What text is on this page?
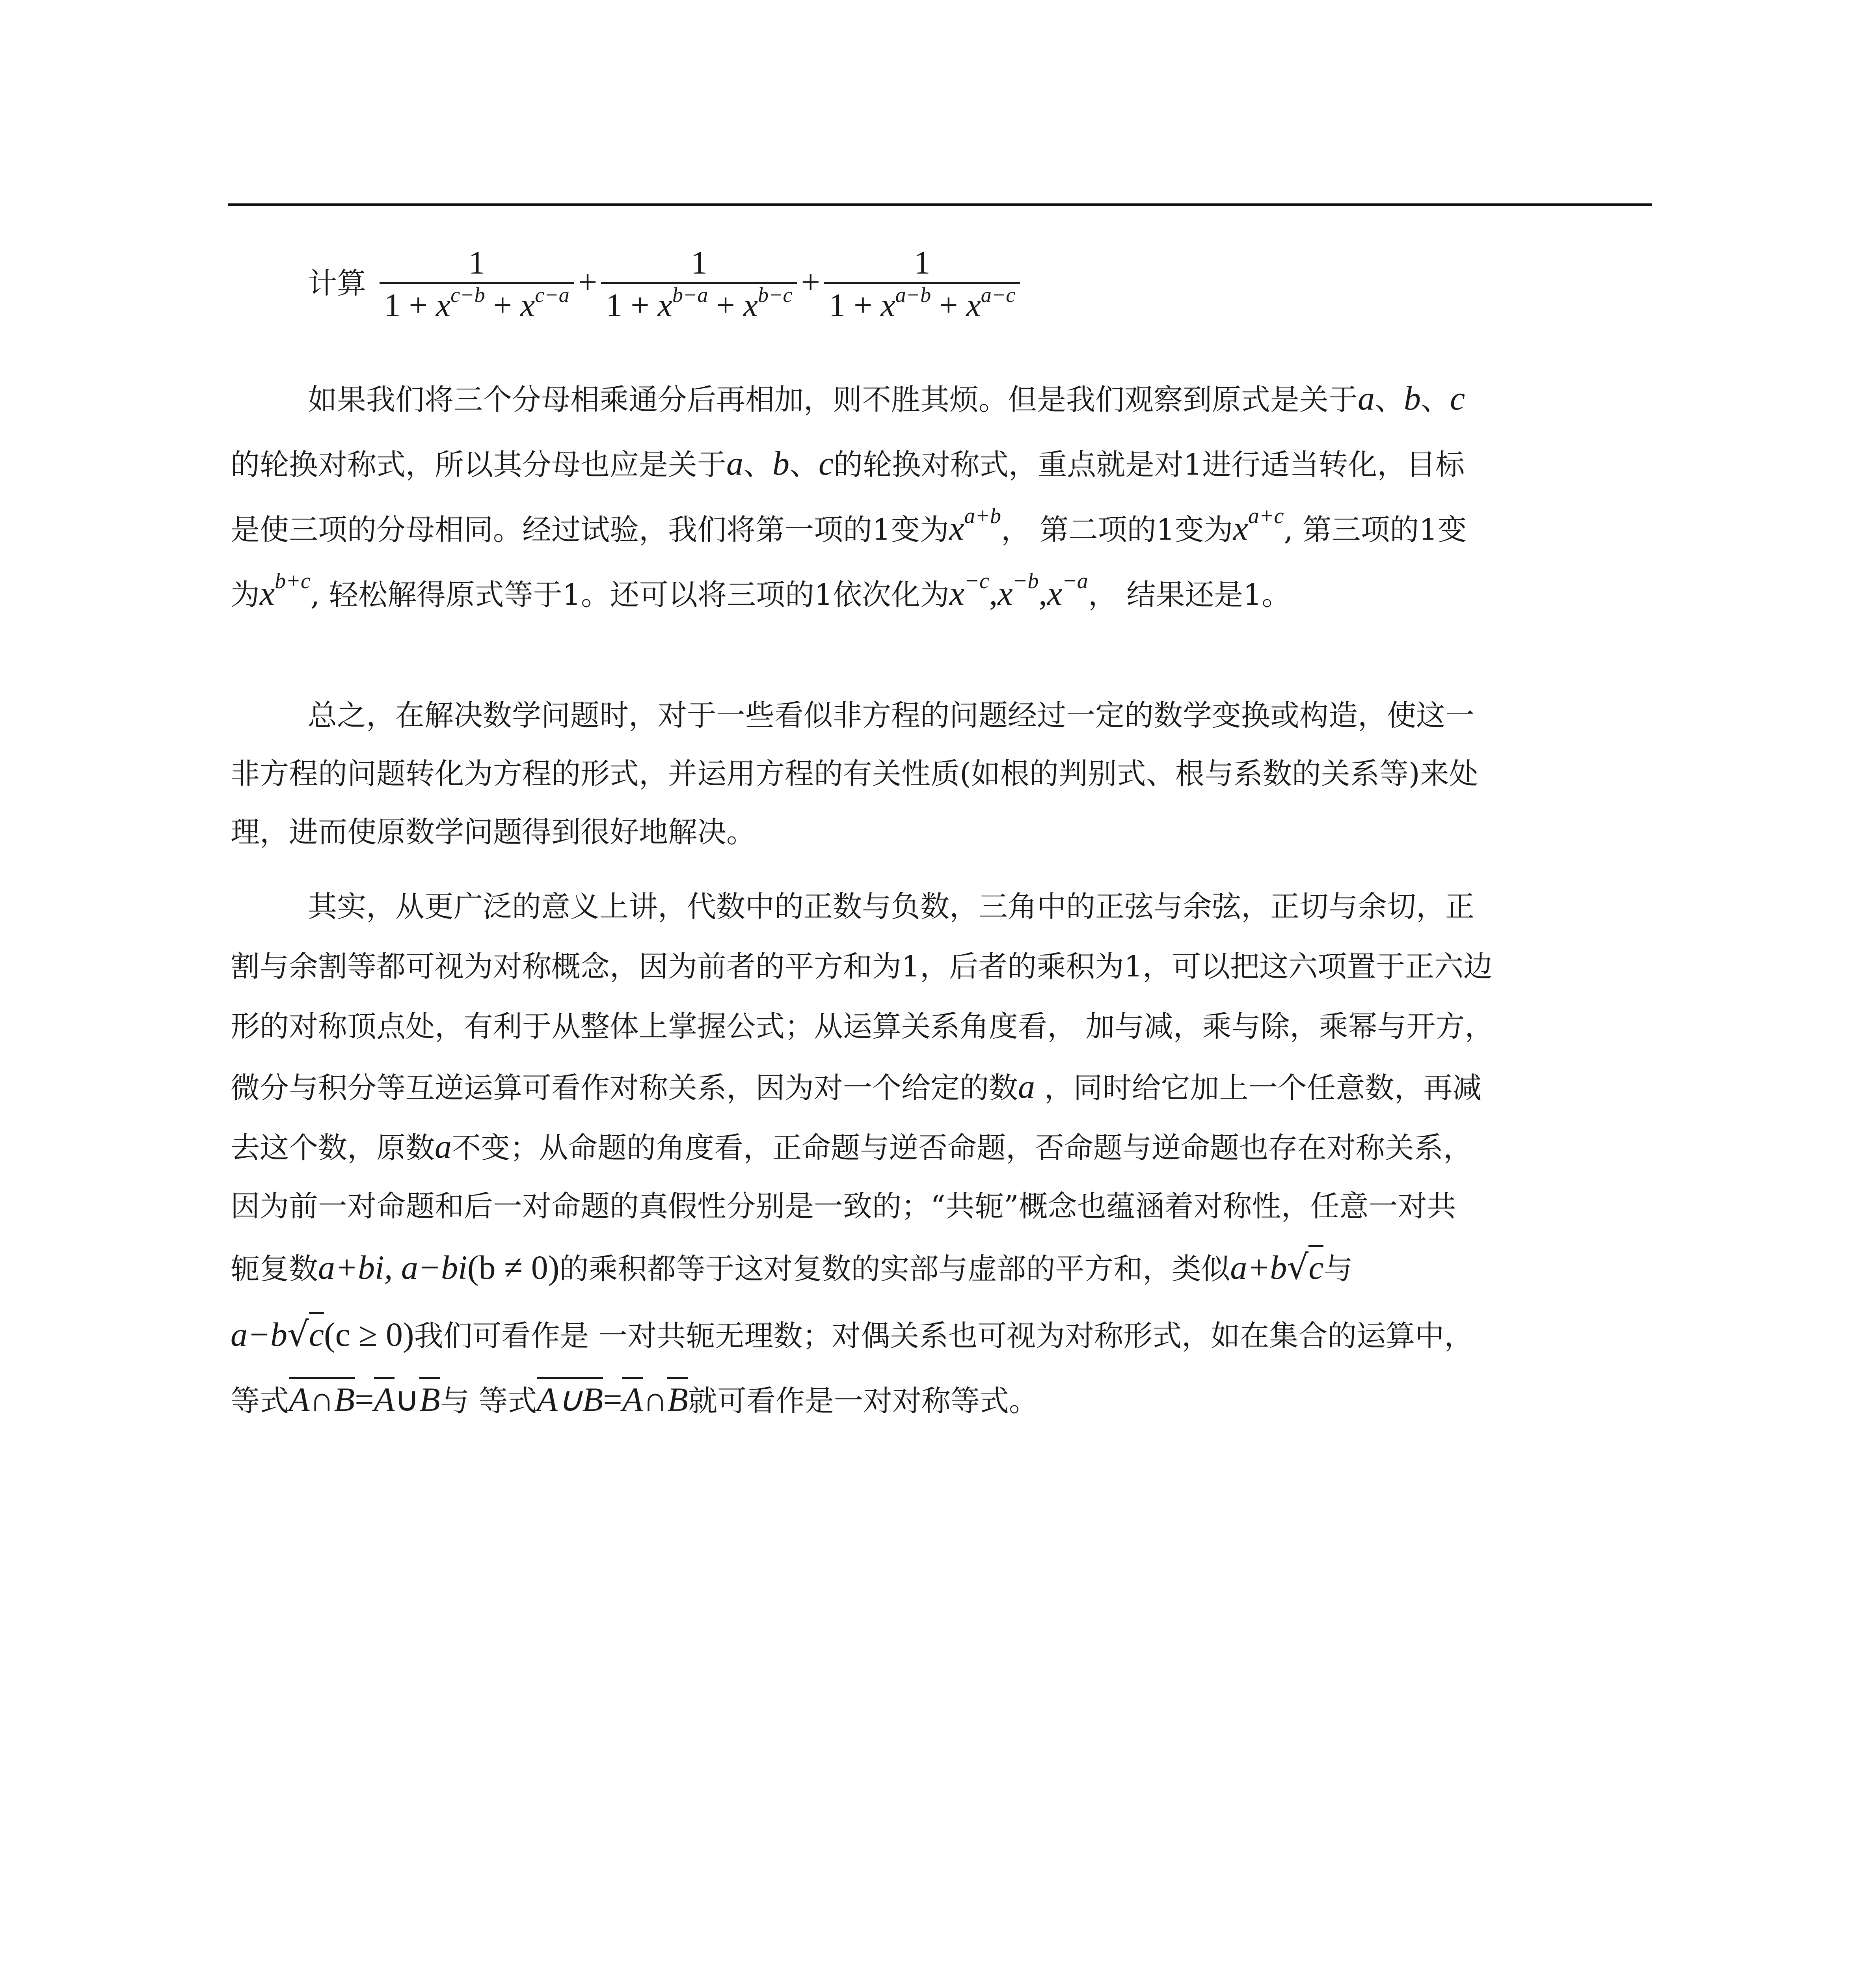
计算 $\frac{1}{1 + x^{c-b} + x^{c-a}} + \frac{1}{1 + x^{b-a} + x^{b-c}} + \frac{1}{1 + x^{a-b} + x^{a-c}}$
如果我们将三个分母相乘通分后再相加，则不胜其烦。但是我们观察到原式是关于a、b、c
的轮换对称式，所以其分母也应是关于a、b、c的轮换对称式，重点就是对1进行适当转化，目标
是使三项的分母相同。经过试验，我们将第一项的1变为$x^{a+b}$， 第二项的1变为$x^{a+c}$, 第三项的1变
为$x^{b+c}$, 轻松解得原式等于1。还可以将三项的1依次化为$x^{-c},x^{-b},x^{-a}$， 结果还是1。
总之，在解决数学问题时，对于一些看似非方程的问题经过一定的数学变换或构造，使这一
非方程的问题转化为方程的形式，并运用方程的有关性质(如根的判别式、根与系数的关系等)来处
理，进而使原数学问题得到很好地解决。
其实，从更广泛的意义上讲，代数中的正数与负数，三角中的正弦与余弦，正切与余切，正
割与余割等都可视为对称概念，因为前者的平方和为1，后者的乘积为1，可以把这六项置于正六边
形的对称顶点处，有利于从整体上掌握公式；从运算关系角度看， 加与减，乘与除，乘幂与开方，
微分与积分等互逆运算可看作对称关系，因为对一个给定的数a ，同时给它加上一个任意数，再减
去这个数，原数a不变；从命题的角度看，正命题与逆否命题，否命题与逆命题也存在对称关系，
因为前一对命题和后一对命题的真假性分别是一致的；“共轭”概念也蕴涵着对称性，任意一对共
轭复数a+bi, a−bi(b ≠ 0)的乘积都等于这对复数的实部与虚部的平方和，类似a+b√c与
a−b√c(c ≥ 0)我们可看作是 一对共轭无理数；对偶关系也可视为对称形式，如在集合的运算中，
等式A∩B=A∪B与 等式A∪B=A∩B就可看作是一对对称等式。
